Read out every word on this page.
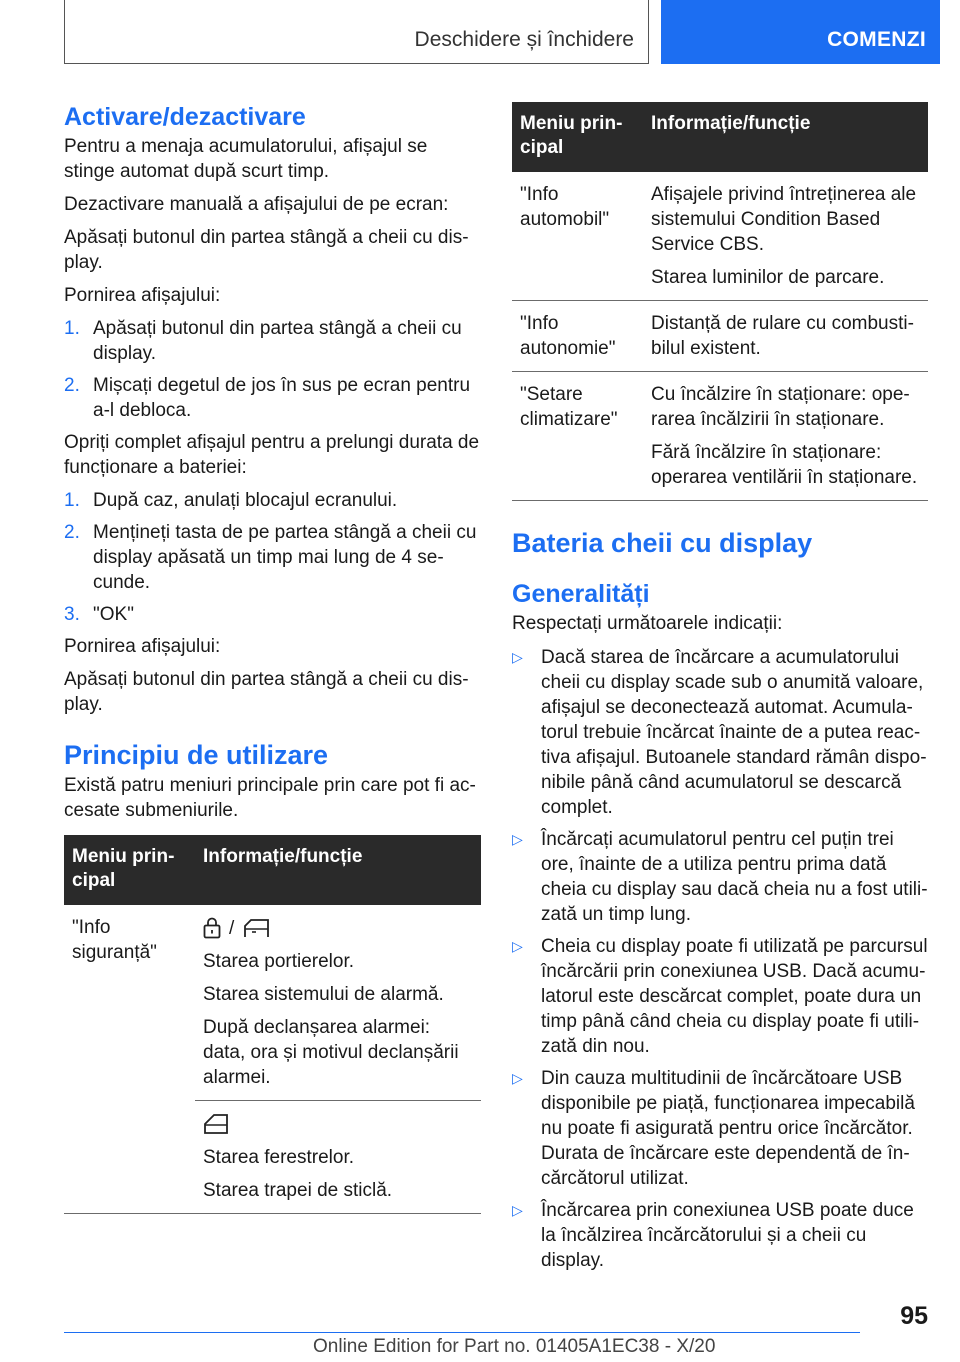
Deschidere și închidere	COMENZI
Activare/dezactivare
Pentru a menaja acumulatorului, afișajul se stinge automat după scurt timp.
Dezactivare manuală a afișajului de pe ecran:
Apăsați butonul din partea stângă a cheii cu display.
Pornirea afișajului:
1. Apăsați butonul din partea stângă a cheii cu display.
2. Mișcați degetul de jos în sus pe ecran pentru a-l debloca.
Opriți complet afișajul pentru a prelungi durata de funcționare a bateriei:
1. După caz, anulați blocajul ecranului.
2. Mențineți tasta de pe partea stângă a cheii cu display apăsată un timp mai lung de 4 secunde.
3. "OK"
Pornirea afișajului:
Apăsați butonul din partea stângă a cheii cu display.
Principiu de utilizare
Există patru meniuri principale prin care pot fi accesate submeniurile.
Meniu principal	Informație/funcție
"Info siguranță"	/
Starea portierelor.
Starea sistemului de alarmă.
După declanșarea alarmei: data, ora și motivul declanșării alarmei.

	Starea ferestrelor.
Starea trapei de sticlă.
Meniu principal	Informație/funcție
"Info automobil"	Afișajele privind întreținerea ale sistemului Condition Based Service CBS.
Starea luminilor de parcare.

"Info autonomie"	Distanță de rulare cu combustibilul existent.

"Setare climatizare"	Cu încălzire în staționare: operarea încălzirii în staționare.
Fără încălzire în staționare: operarea ventilării în staționare.
Bateria cheii cu display
Generalități
Respectați următoarele indicații:
▷ Dacă starea de încărcare a acumulatorului cheii cu display scade sub o anumită valoare, afișajul se deconectează automat. Acumulatorul trebuie încărcat înainte de a putea reactiva afișajul. Butoanele standard rămân disponibile până când acumulatorul se descarcă complet.
▷ Încărcați acumulatorul pentru cel puțin trei ore, înainte de a utiliza pentru prima dată cheia cu display sau dacă cheia nu a fost utilizată un timp lung.
▷ Cheia cu display poate fi utilizată pe parcursul încărcării prin conexiunea USB. Dacă acumulatorul este descărcat complet, poate dura un timp până când cheia cu display poate fi utilizată din nou.
▷ Din cauza multitudinii de încărcătoare USB disponibile pe piață, funcționarea impecabilă nu poate fi asigurată pentru orice încărcător. Durata de încărcare este dependentă de încărcătorul utilizat.
▷ Încărcarea prin conexiunea USB poate duce la încălzirea încărcătorului și a cheii cu display.
95
Online Edition for Part no. 01405A1EC38 - X/20
